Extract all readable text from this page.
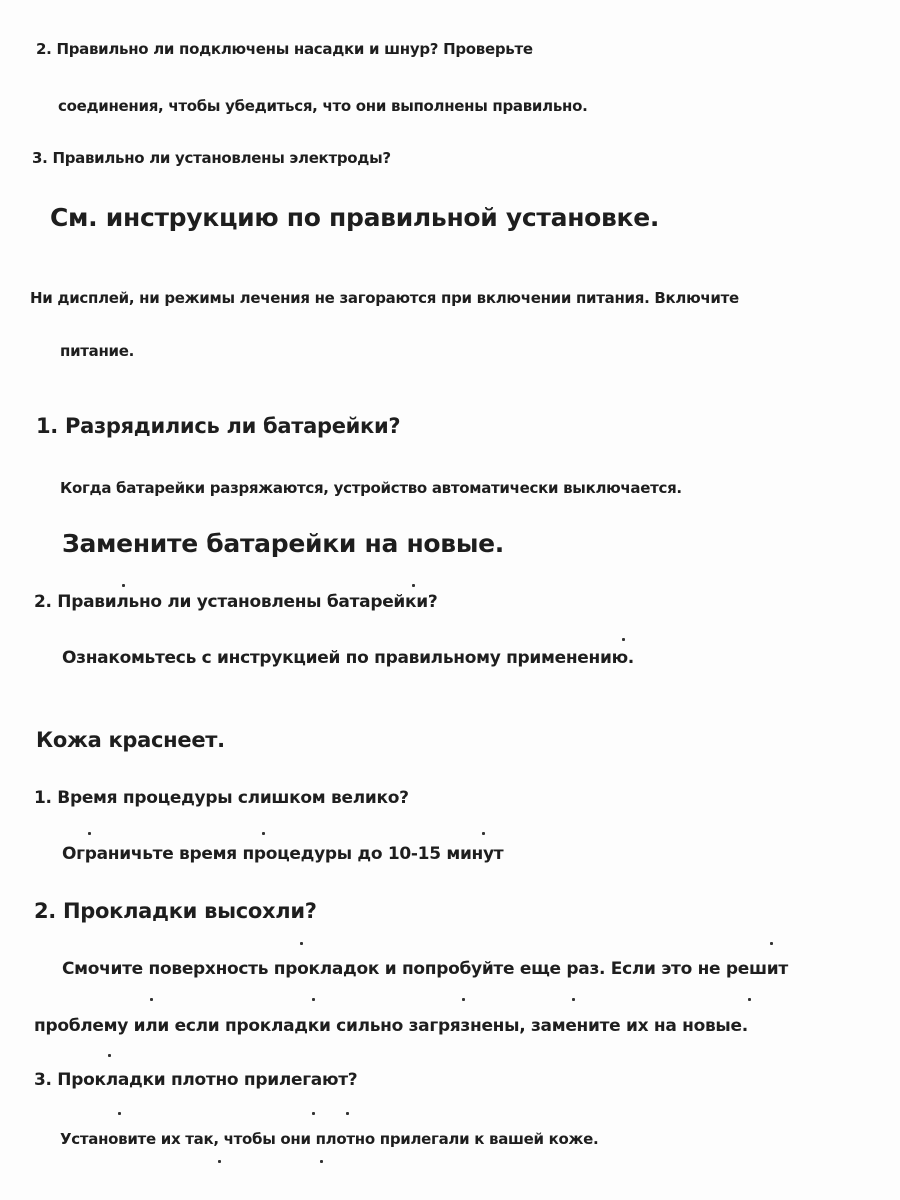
2. Правильно ли подключены насадки и шнур? Проверьте
соединения, чтобы убедиться, что они выполнены правильно.
3. Правильно ли установлены электроды?
См. инструкцию по правильной установке.
Ни дисплей, ни режимы лечения не загораются при включении питания. Включите
питание.
1. Разрядились ли батарейки?
Когда батарейки разряжаются, устройство автоматически выключается.
Замените батарейки на новые.
2. Правильно ли установлены батарейки?
Ознакомьтесь с инструкцией по правильному применению.
Кожа краснеет.
1. Время процедуры слишком велико?
Ограничьте время процедуры до 10-15 минут
2. Прокладки высохли?
Смочите поверхность прокладок и попробуйте еще раз. Если это не решит
проблему или если прокладки сильно загрязнены, замените их на новые.
3. Прокладки плотно прилегают?
Установите их так, чтобы они плотно прилегали к вашей коже.
